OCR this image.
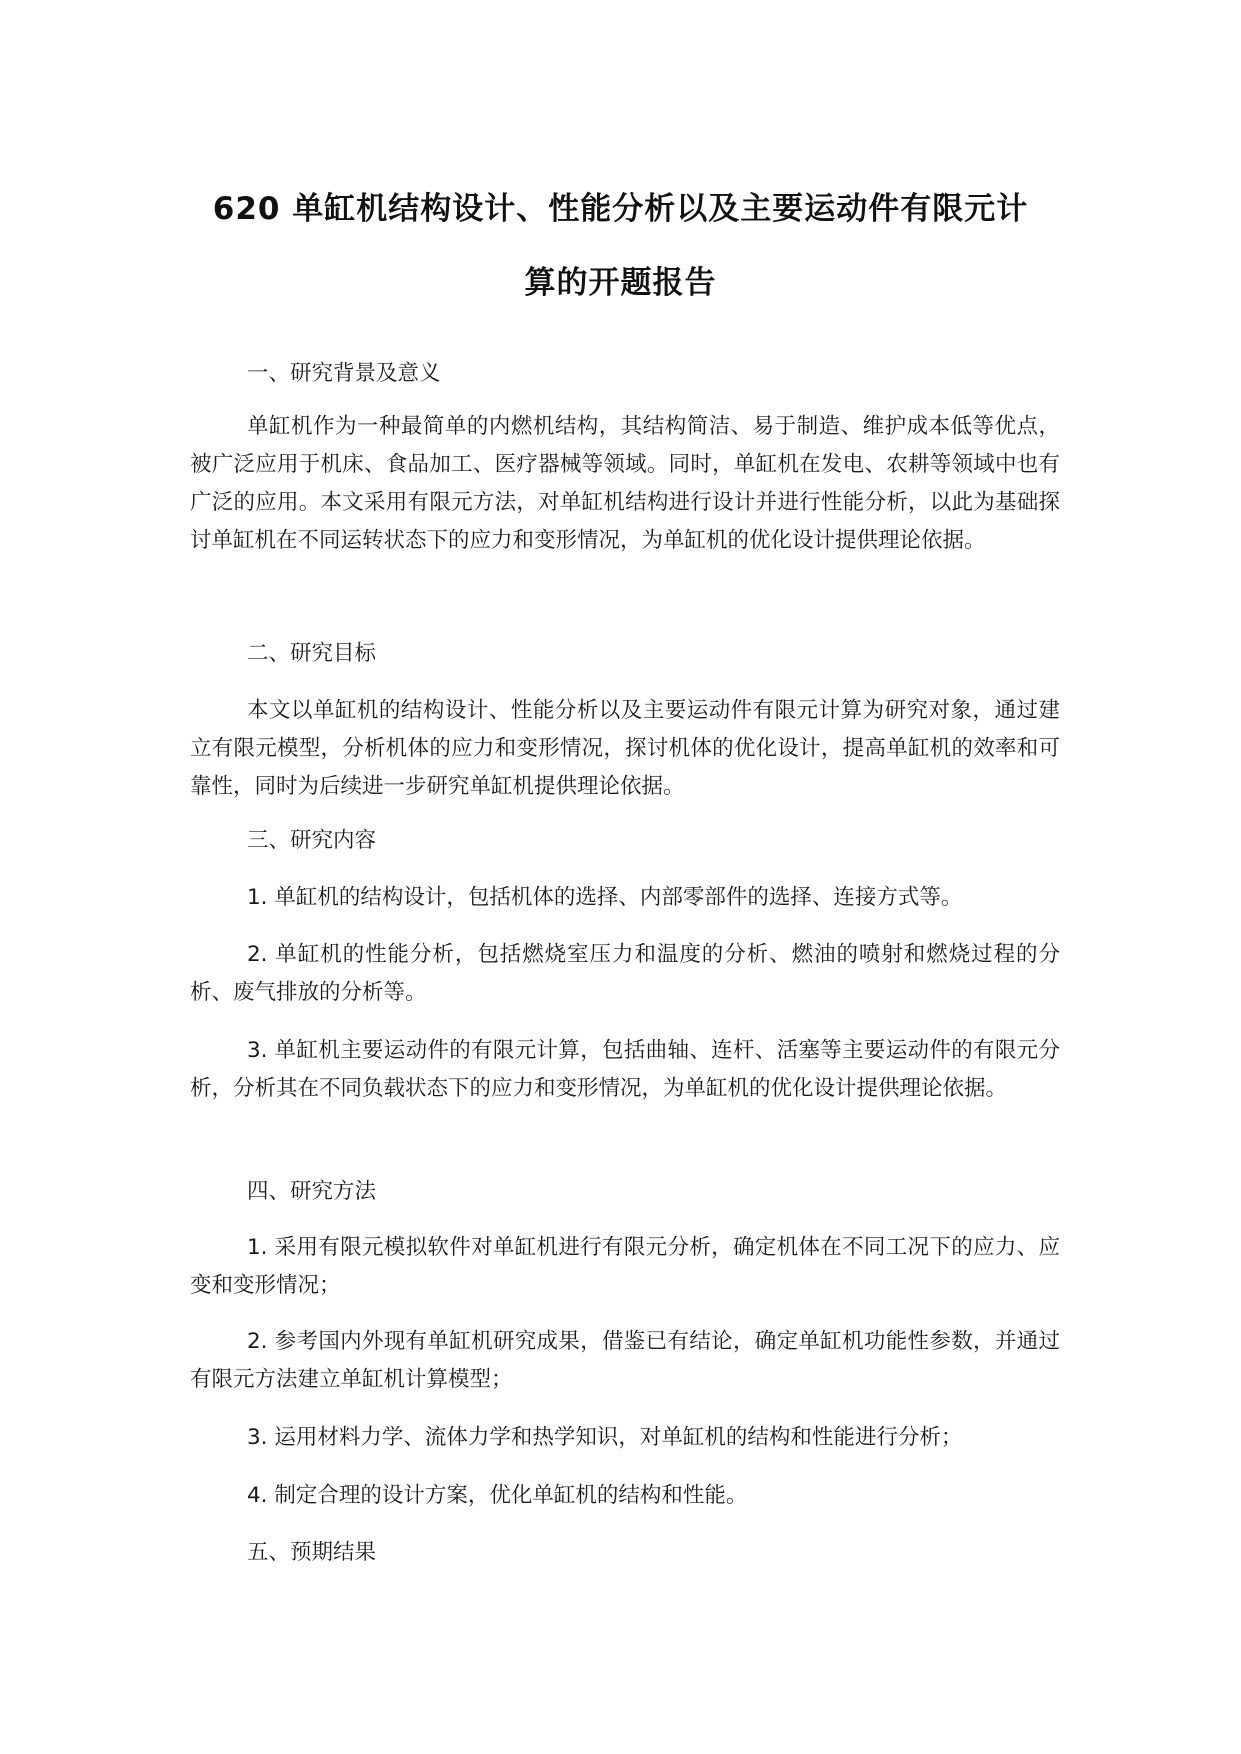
620 单缸机结构设计、性能分析以及主要运动件有限元计
算的开题报告

一、研究背景及意义

单缸机作为一种最简单的内燃机结构，其结构简洁、易于制造、维护成本低等优点，被广泛应用于机床、食品加工、医疗器械等领域。同时，单缸机在发电、农耕等领域中也有广泛的应用。本文采用有限元方法，对单缸机结构进行设计并进行性能分析，以此为基础探讨单缸机在不同运转状态下的应力和变形情况，为单缸机的优化设计提供理论依据。

二、研究目标

本文以单缸机的结构设计、性能分析以及主要运动件有限元计算为研究对象，通过建立有限元模型，分析机体的应力和变形情况，探讨机体的优化设计，提高单缸机的效率和可靠性，同时为后续进一步研究单缸机提供理论依据。

三、研究内容

1. 单缸机的结构设计，包括机体的选择、内部零部件的选择、连接方式等。

2. 单缸机的性能分析，包括燃烧室压力和温度的分析、燃油的喷射和燃烧过程的分析、废气排放的分析等。

3. 单缸机主要运动件的有限元计算，包括曲轴、连杆、活塞等主要运动件的有限元分析，分析其在不同负载状态下的应力和变形情况，为单缸机的优化设计提供理论依据。

四、研究方法

1. 采用有限元模拟软件对单缸机进行有限元分析，确定机体在不同工况下的应力、应变和变形情况；

2. 参考国内外现有单缸机研究成果，借鉴已有结论，确定单缸机功能性参数，并通过有限元方法建立单缸机计算模型；

3. 运用材料力学、流体力学和热学知识，对单缸机的结构和性能进行分析；

4. 制定合理的设计方案，优化单缸机的结构和性能。

五、预期结果
